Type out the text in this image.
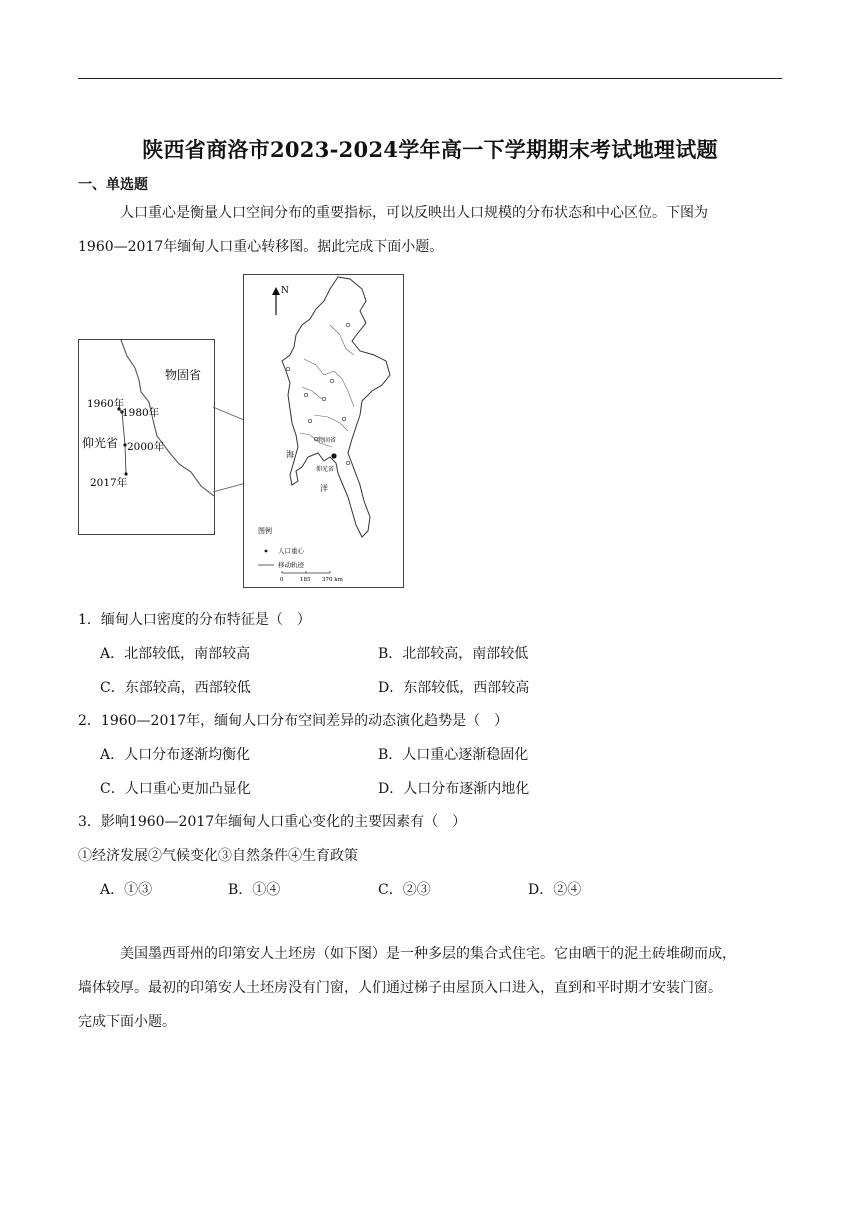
陕西省商洛市2023-2024学年高一下学期期末考试地理试题
一、单选题
人口重心是衡量人口空间分布的重要指标，可以反映出人口规模的分布状态和中心区位。下图为
1960—2017年缅甸人口重心转移图。据此完成下面小题。
物固省
仰光省
1960年
1980年
2000年
2017年
N
物固省
仰光省
海
洋
图例
人口重心
移动轨迹
0	185 370 km
1．缅甸人口密度的分布特征是（　）
A．北部较低，南部较高	B．北部较高，南部较低
C．东部较高，西部较低	D．东部较低，西部较高
2．1960—2017年，缅甸人口分布空间差异的动态演化趋势是（　）
A．人口分布逐渐均衡化	B．人口重心逐渐稳固化
C．人口重心更加凸显化	D．人口分布逐渐内地化
3．影响1960—2017年缅甸人口重心变化的主要因素有（　）
①经济发展②气候变化③自然条件④生育政策
A．①③	B．①④	C．②③	D．②④
美国墨西哥州的印第安人土坯房（如下图）是一种多层的集合式住宅。它由晒干的泥土砖堆砌而成，
墙体较厚。最初的印第安人土坯房没有门窗，人们通过梯子由屋顶入口进入，直到和平时期才安装门窗。
完成下面小题。
